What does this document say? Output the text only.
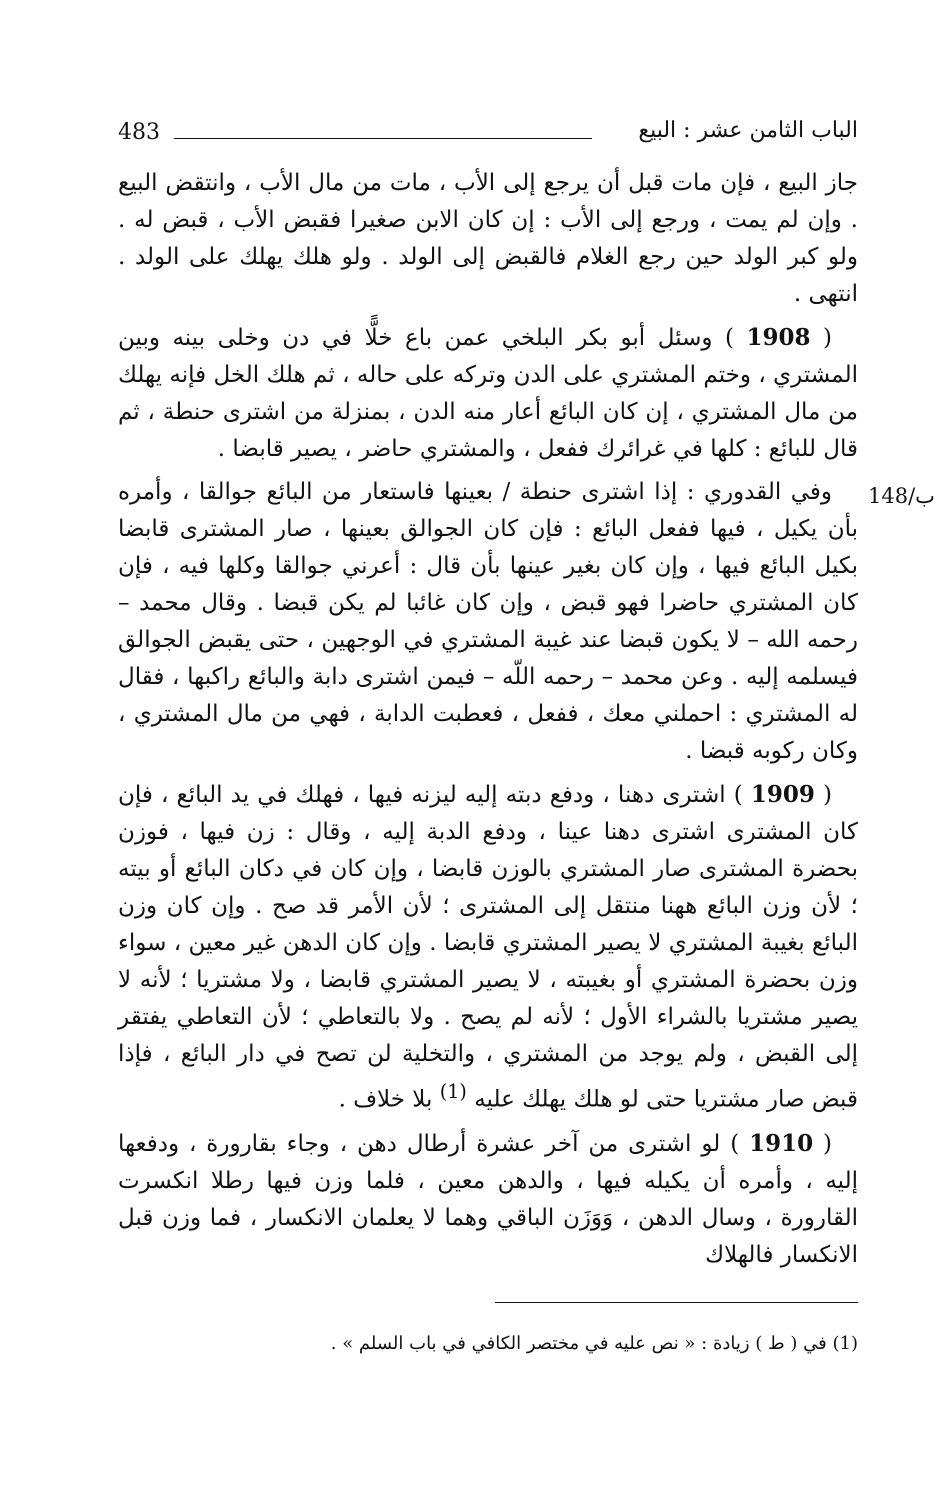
483	الباب الثامن عشر : البيع
148/ب

جاز البيع ، فإن مات قبل أن يرجع إلى الأب ، مات من مال الأب ، وانتقض البيع . وإن لم يمت ، ورجع إلى الأب : إن كان الابن صغيرا فقبض الأب ، قبض له . ولو كبر الولد حين رجع الغلام فالقبض إلى الولد . ولو هلك يهلك على الولد . انتهى .

( 1908 ) وسئل أبو بكر البلخي عمن باع خلًّا في دن وخلى بينه وبين المشتري ، وختم المشتري على الدن وتركه على حاله ، ثم هلك الخل فإنه يهلك من مال المشتري ، إن كان البائع أعار منه الدن ، بمنزلة من اشترى حنطة ، ثم قال للبائع : كلها في غرائرك ففعل ، والمشتري حاضر ، يصير قابضا .

وفي القدوري : إذا اشترى حنطة / بعينها فاستعار من البائع جوالقا ، وأمره بأن يكيل ، فيها ففعل البائع : فإن كان الجوالق بعينها ، صار المشترى قابضا بكيل البائع فيها ، وإن كان بغير عينها بأن قال : أعرني جوالقا وكلها فيه ، فإن كان المشتري حاضرا فهو قبض ، وإن كان غائبا لم يكن قبضا . وقال محمد – رحمه الله – لا يكون قبضا عند غيبة المشتري في الوجهين ، حتى يقبض الجوالق فيسلمه إليه . وعن محمد – رحمه اللّه – فيمن اشترى دابة والبائع راكبها ، فقال له المشتري : احملني معك ، ففعل ، فعطبت الدابة ، فهي من مال المشتري ، وكان ركوبه قبضا .

( 1909 ) اشترى دهنا ، ودفع دبته إليه ليزنه فيها ، فهلك في يد البائع ، فإن كان المشترى اشترى دهنا عينا ، ودفع الدبة إليه ، وقال : زن فيها ، فوزن بحضرة المشترى صار المشتري بالوزن قابضا ، وإن كان في دكان البائع أو بيته ؛ لأن وزن البائع ههنا منتقل إلى المشترى ؛ لأن الأمر قد صح . وإن كان وزن البائع بغيبة المشتري لا يصير المشتري قابضا . وإن كان الدهن غير معين ، سواء وزن بحضرة المشتري أو بغيبته ، لا يصير المشتري قابضا ، ولا مشتريا ؛ لأنه لا يصير مشتريا بالشراء الأول ؛ لأنه لم يصح . ولا بالتعاطي ؛ لأن التعاطي يفتقر إلى القبض ، ولم يوجد من المشتري ، والتخلية لن تصح في دار البائع ، فإذا قبض صار مشتريا حتى لو هلك يهلك عليه $^{(1)}$ بلا خلاف .

( 1910 ) لو اشترى من آخر عشرة أرطال دهن ، وجاء بقارورة ، ودفعها إليه ، وأمره أن يكيله فيها ، والدهن معين ، فلما وزن فيها رطلا انكسرت القارورة ، وسال الدهن ، وَوَزَن الباقي وهما لا يعلمان الانكسار ، فما وزن قبل الانكسار فالهلاك

(1) في ( ط ) زيادة : « نص عليه في مختصر الكافي في باب السلم » .
